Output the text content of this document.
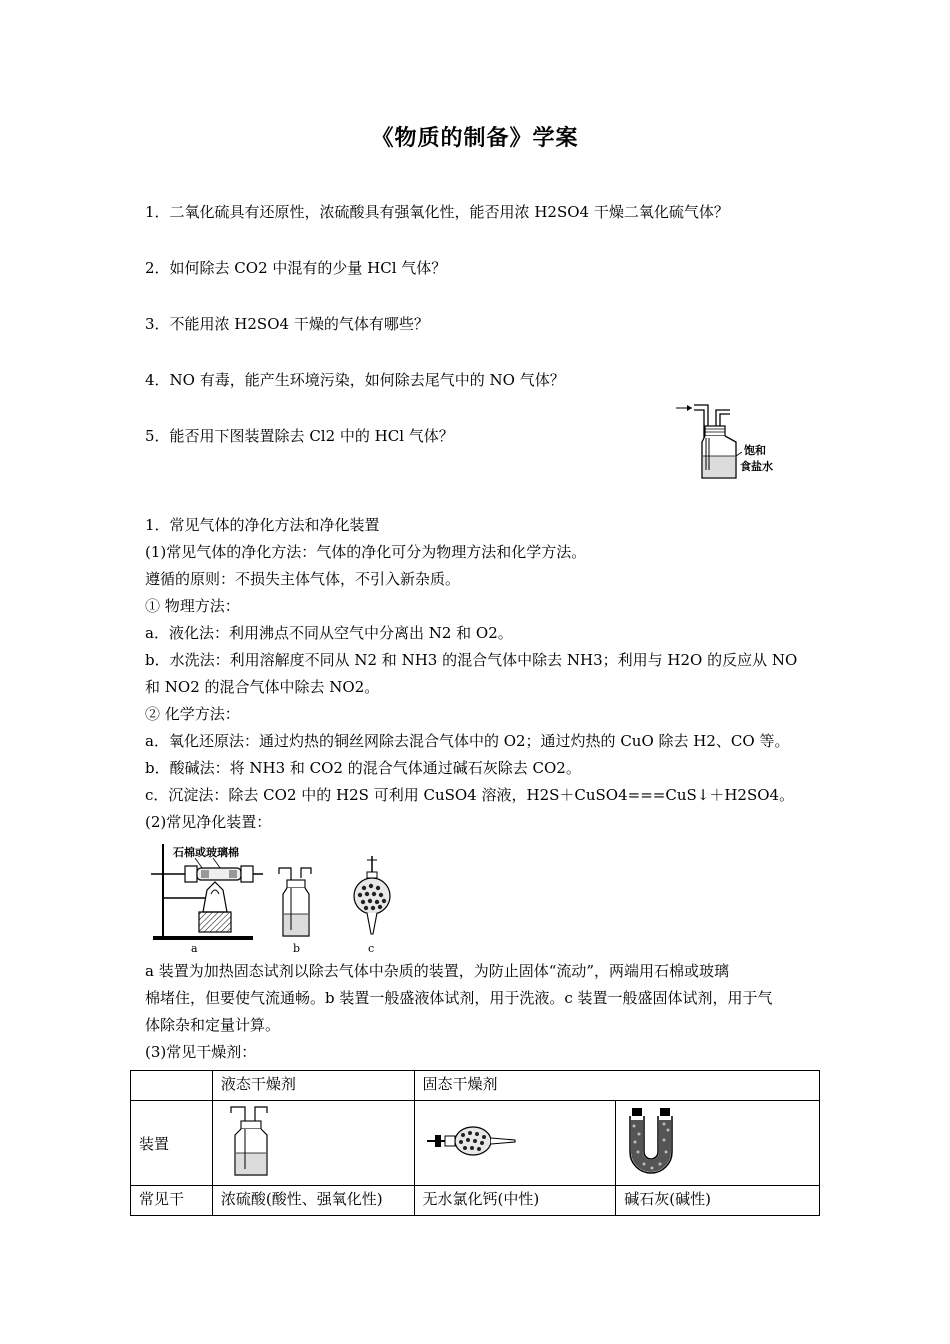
《物质的制备》学案
1．二氧化硫具有还原性，浓硫酸具有强氧化性，能否用浓 H2SO4 干燥二氧化硫气体？
2．如何除去 CO2 中混有的少量 HCl 气体？
3．不能用浓 H2SO4 干燥的气体有哪些？
4．NO 有毒，能产生环境污染，如何除去尾气中的 NO 气体？
5．能否用下图装置除去 Cl2 中的 HCl 气体？
饱和
食盐水

1．常见气体的净化方法和净化装置

(1)常见气体的净化方法：气体的净化可分为物理方法和化学方法。

遵循的原则：不损失主体气体，不引入新杂质。

① 物理方法：

a．液化法：利用沸点不同从空气中分离出 N2 和 O2。

b．水洗法：利用溶解度不同从 N2 和 NH3 的混合气体中除去 NH3；利用与 H2O 的反应从 NO

和 NO2 的混合气体中除去 NO2。

② 化学方法：

a．氧化还原法：通过灼热的铜丝网除去混合气体中的 O2；通过灼热的 CuO 除去 H2、CO 等。

b．酸碱法：将 NH3 和 CO2 的混合气体通过碱石灰除去 CO2。

c．沉淀法：除去 CO2 中的 H2S 可利用 CuSO4 溶液，H2S＋CuSO4===CuS↓＋H2SO4。

(2)常见净化装置：

石棉或玻璃棉
a	b	c

a 装置为加热固态试剂以除去气体中杂质的装置，为防止固体“流动”，两端用石棉或玻璃

棉堵住，但要使气流通畅。b 装置一般盛液体试剂，用于洗液。c 装置一般盛固体试剂，用于气

体除杂和定量计算。

(3)常见干燥剂：

	液态干燥剂	固态干燥剂	
装置			
常见干	浓硫酸(酸性、强氧化性)	无水氯化钙(中性)	碱石灰(碱性)
